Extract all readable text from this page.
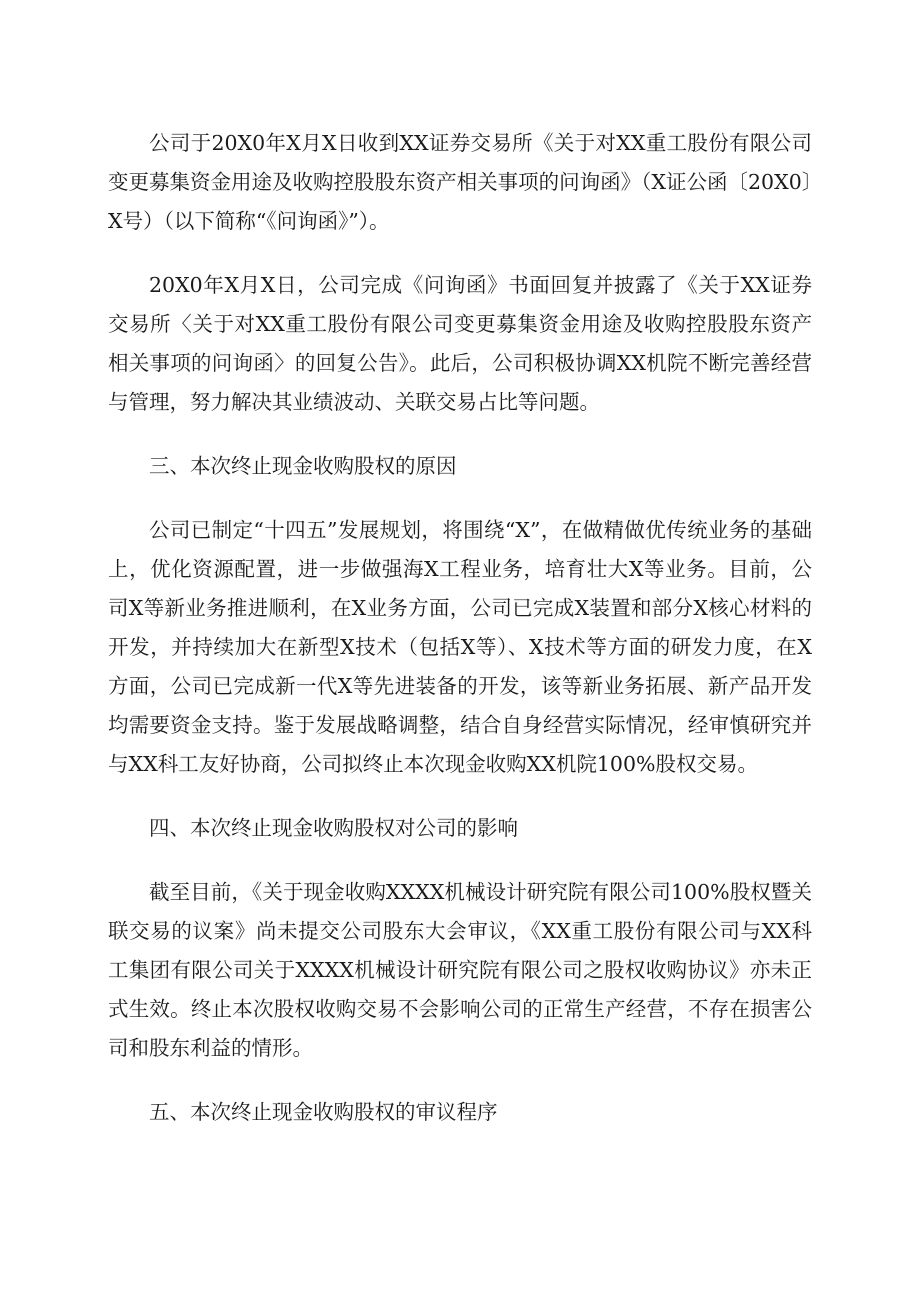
公司于20X0年X月X日收到XX证券交易所《关于对XX重工股份有限公司变更募集资金用途及收购控股股东资产相关事项的问询函》（X证公函〔20X0〕X号）（以下简称“《问询函》”）。

20X0年X月X日，公司完成《问询函》书面回复并披露了《关于XX证券交易所〈关于对XX重工股份有限公司变更募集资金用途及收购控股股东资产相关事项的问询函〉的回复公告》。此后，公司积极协调XX机院不断完善经营与管理，努力解决其业绩波动、关联交易占比等问题。

三、本次终止现金收购股权的原因

公司已制定“十四五”发展规划，将围绕“X”，在做精做优传统业务的基础上，优化资源配置，进一步做强海X工程业务，培育壮大X等业务。目前，公司X等新业务推进顺利，在X业务方面，公司已完成X装置和部分X核心材料的开发，并持续加大在新型X技术（包括X等）、X技术等方面的研发力度，在X方面，公司已完成新一代X等先进装备的开发，该等新业务拓展、新产品开发均需要资金支持。鉴于发展战略调整，结合自身经营实际情况，经审慎研究并与XX科工友好协商，公司拟终止本次现金收购XX机院100%股权交易。

四、本次终止现金收购股权对公司的影响

截至目前，《关于现金收购XXXX机械设计研究院有限公司100%股权暨关联交易的议案》尚未提交公司股东大会审议，《XX重工股份有限公司与XX科工集团有限公司关于XXXX机械设计研究院有限公司之股权收购协议》亦未正式生效。终止本次股权收购交易不会影响公司的正常生产经营，不存在损害公司和股东利益的情形。

五、本次终止现金收购股权的审议程序
